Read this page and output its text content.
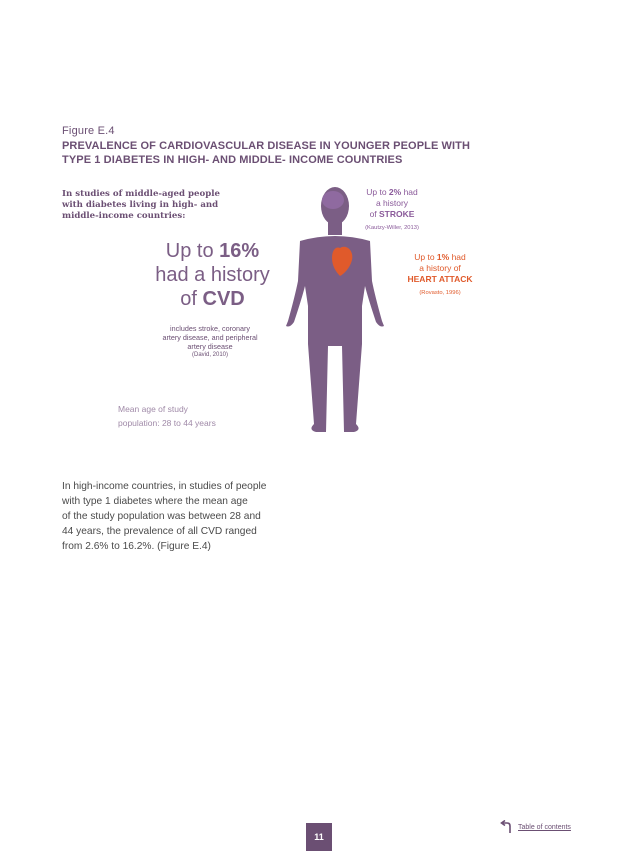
Figure E.4
PREVALENCE OF CARDIOVASCULAR DISEASE IN YOUNGER PEOPLE WITH
TYPE 1 DIABETES IN HIGH- AND MIDDLE- INCOME COUNTRIES
In studies of middle-aged people
with diabetes living in high- and
middle-income countries:
Up to 16%
had a history
of CVD
includes stroke, coronary
artery disease, and peripheral
artery disease
(David, 2010)
Mean age of study
population: 28 to 44 years
Up to 2% had
a history
of STROKE
(Kautzy-Willer, 2013)
Up to 1% had
a history of
HEART ATTACK
(Rovasto, 1996)
In high-income countries, in studies of people
with type 1 diabetes where the mean age
of the study population was between 28 and
44 years, the prevalence of all CVD ranged
from 2.6% to 16.2%. (Figure E.4)
11
Table of contents
